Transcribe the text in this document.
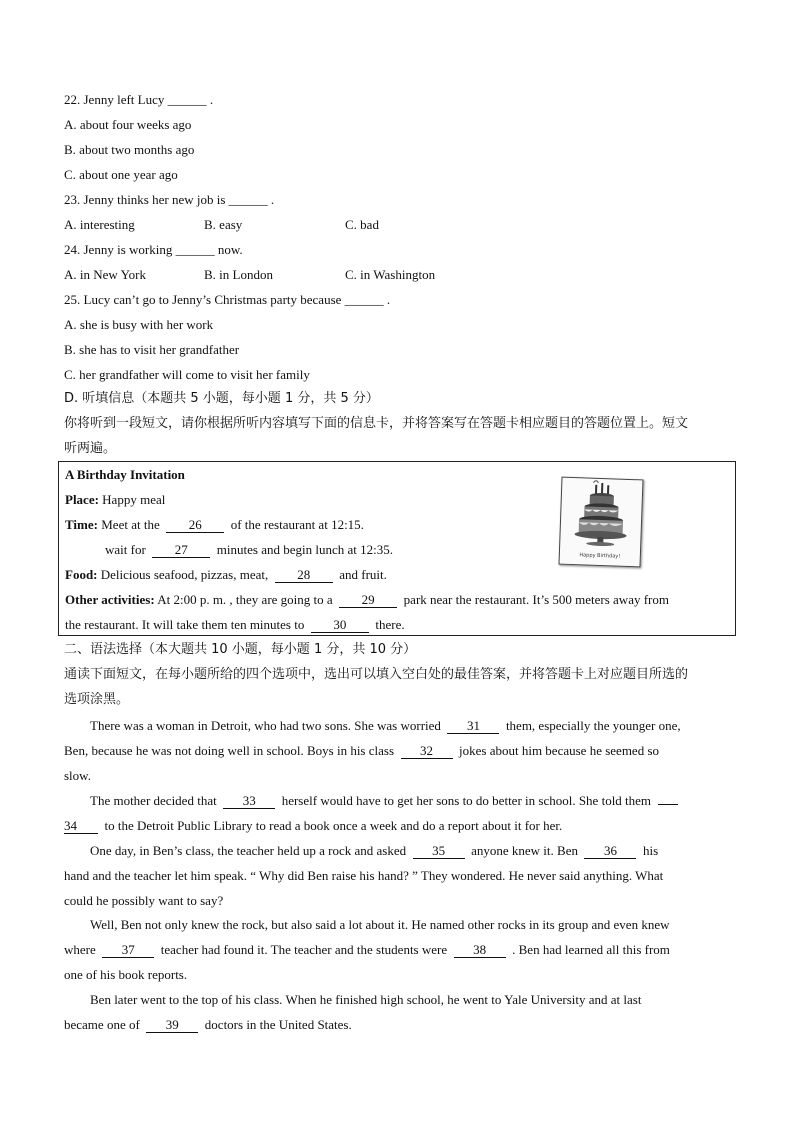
22. Jenny left Lucy ______ .
A. about four weeks ago
B. about two months ago
C. about one year ago
23. Jenny thinks her new job is ______ .
A. interesting	B. easy	C. bad
24. Jenny is working ______ now.
A. in New York	B. in London	C. in Washington
25. Lucy can’t go to Jenny’s Christmas party because ______ .
A. she is busy with her work
B. she has to visit her grandfather
C. her grandfather will come to visit her family
D. 听填信息（本题共 5 小题，每小题 1 分，共 5 分）
你将听到一段短文，请你根据所听内容填写下面的信息卡，并将答案写在答题卡相应题目的答题位置上。短文
听两遍。
A Birthday Invitation
Place: Happy meal
Time: Meet at the 26 of the restaurant at 12:15.
wait for 27 minutes and begin lunch at 12:35.
Food: Delicious seafood, pizzas, meat, 28 and fruit.
Other activities: At 2:00 p. m. , they are going to a 29 park near the restaurant. It’s 500 meters away from
the restaurant. It will take them ten minutes to 30 there.
Happy Birthday!
二、语法选择（本大题共 10 小题，每小题 1 分，共 10 分）
通读下面短文，在每小题所给的四个选项中，选出可以填入空白处的最佳答案，并将答题卡上对应题目所选的
选项涂黑。
There was a woman in Detroit, who had two sons. She was worried 31 them, especially the younger one,
Ben, because he was not doing well in school. Boys in his class 32 jokes about him because he seemed so
slow.
The mother decided that 33 herself would have to get her sons to do better in school. She told them
34 to the Detroit Public Library to read a book once a week and do a report about it for her.
One day, in Ben’s class, the teacher held up a rock and asked 35 anyone knew it. Ben 36 his
hand and the teacher let him speak. “ Why did Ben raise his hand? ” They wondered. He never said anything. What
could he possibly want to say?
Well, Ben not only knew the rock, but also said a lot about it. He named other rocks in its group and even knew
where 37 teacher had found it. The teacher and the students were 38 . Ben had learned all this from
one of his book reports.
Ben later went to the top of his class. When he finished high school, he went to Yale University and at last
became one of 39 doctors in the United States.
